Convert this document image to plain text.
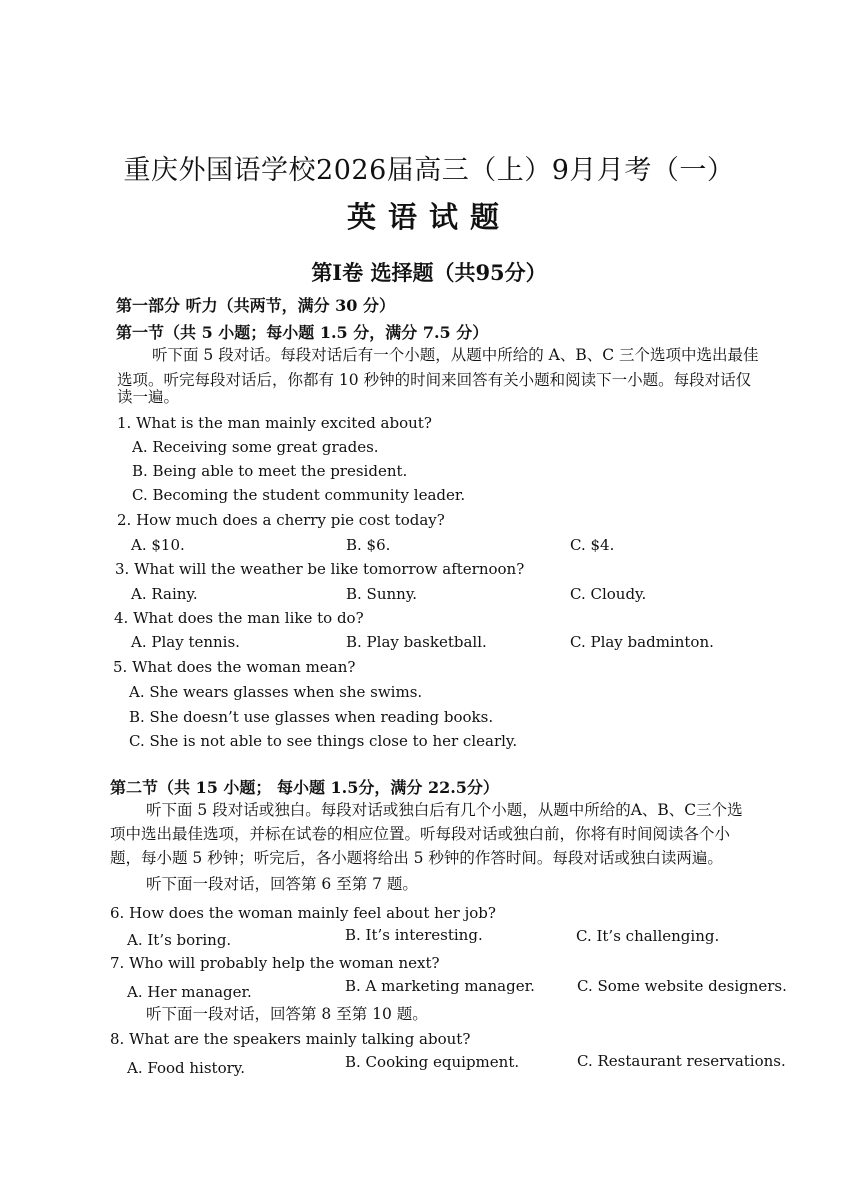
重庆外国语学校2026届高三（上）9月月考（一）
英语试题
第Ⅰ卷 选择题（共95分）
第一部分 听力（共两节，满分 30 分）
第一节（共 5 小题；每小题 1.5 分，满分 7.5 分）
听下面 5 段对话。每段对话后有一个小题，从题中所给的 A、B、C 三个选项中选出最佳
选项。听完每段对话后，你都有 10 秒钟的时间来回答有关小题和阅读下一小题。每段对话仅
读一遍。
1. What is the man mainly excited about?
A. Receiving some great grades.
B. Being able to meet the president.
C. Becoming the student community leader.
2. How much does a cherry pie cost today?
A. $10.	B. $6.	C. $4.
3. What will the weather be like tomorrow afternoon?
A. Rainy.	B. Sunny.	C. Cloudy.
4. What does the man like to do?
A. Play tennis.	B. Play basketball.	C. Play badminton.
5. What does the woman mean?
A. She wears glasses when she swims.
B. She doesn’t use glasses when reading books.
C. She is not able to see things close to her clearly.
第二节（共 15 小题； 每小题 1.5分，满分 22.5分）
听下面 5 段对话或独白。每段对话或独白后有几个小题，从题中所给的A、B、C三个选
项中选出最佳选项，并标在试卷的相应位置。听每段对话或独白前，你将有时间阅读各个小
题，每小题 5 秒钟；听完后，各小题将给出 5 秒钟的作答时间。每段对话或独白读两遍。
听下面一段对话，回答第 6 至第 7 题。
6. How does the woman mainly feel about her job?
A. It’s boring.	B. It’s interesting.	C. It’s challenging.
7. Who will probably help the woman next?
A. Her manager.	B. A marketing manager.	C. Some website designers.
听下面一段对话，回答第 8 至第 10 题。
8. What are the speakers mainly talking about?
A. Food history.	B. Cooking equipment.	C. Restaurant reservations.
